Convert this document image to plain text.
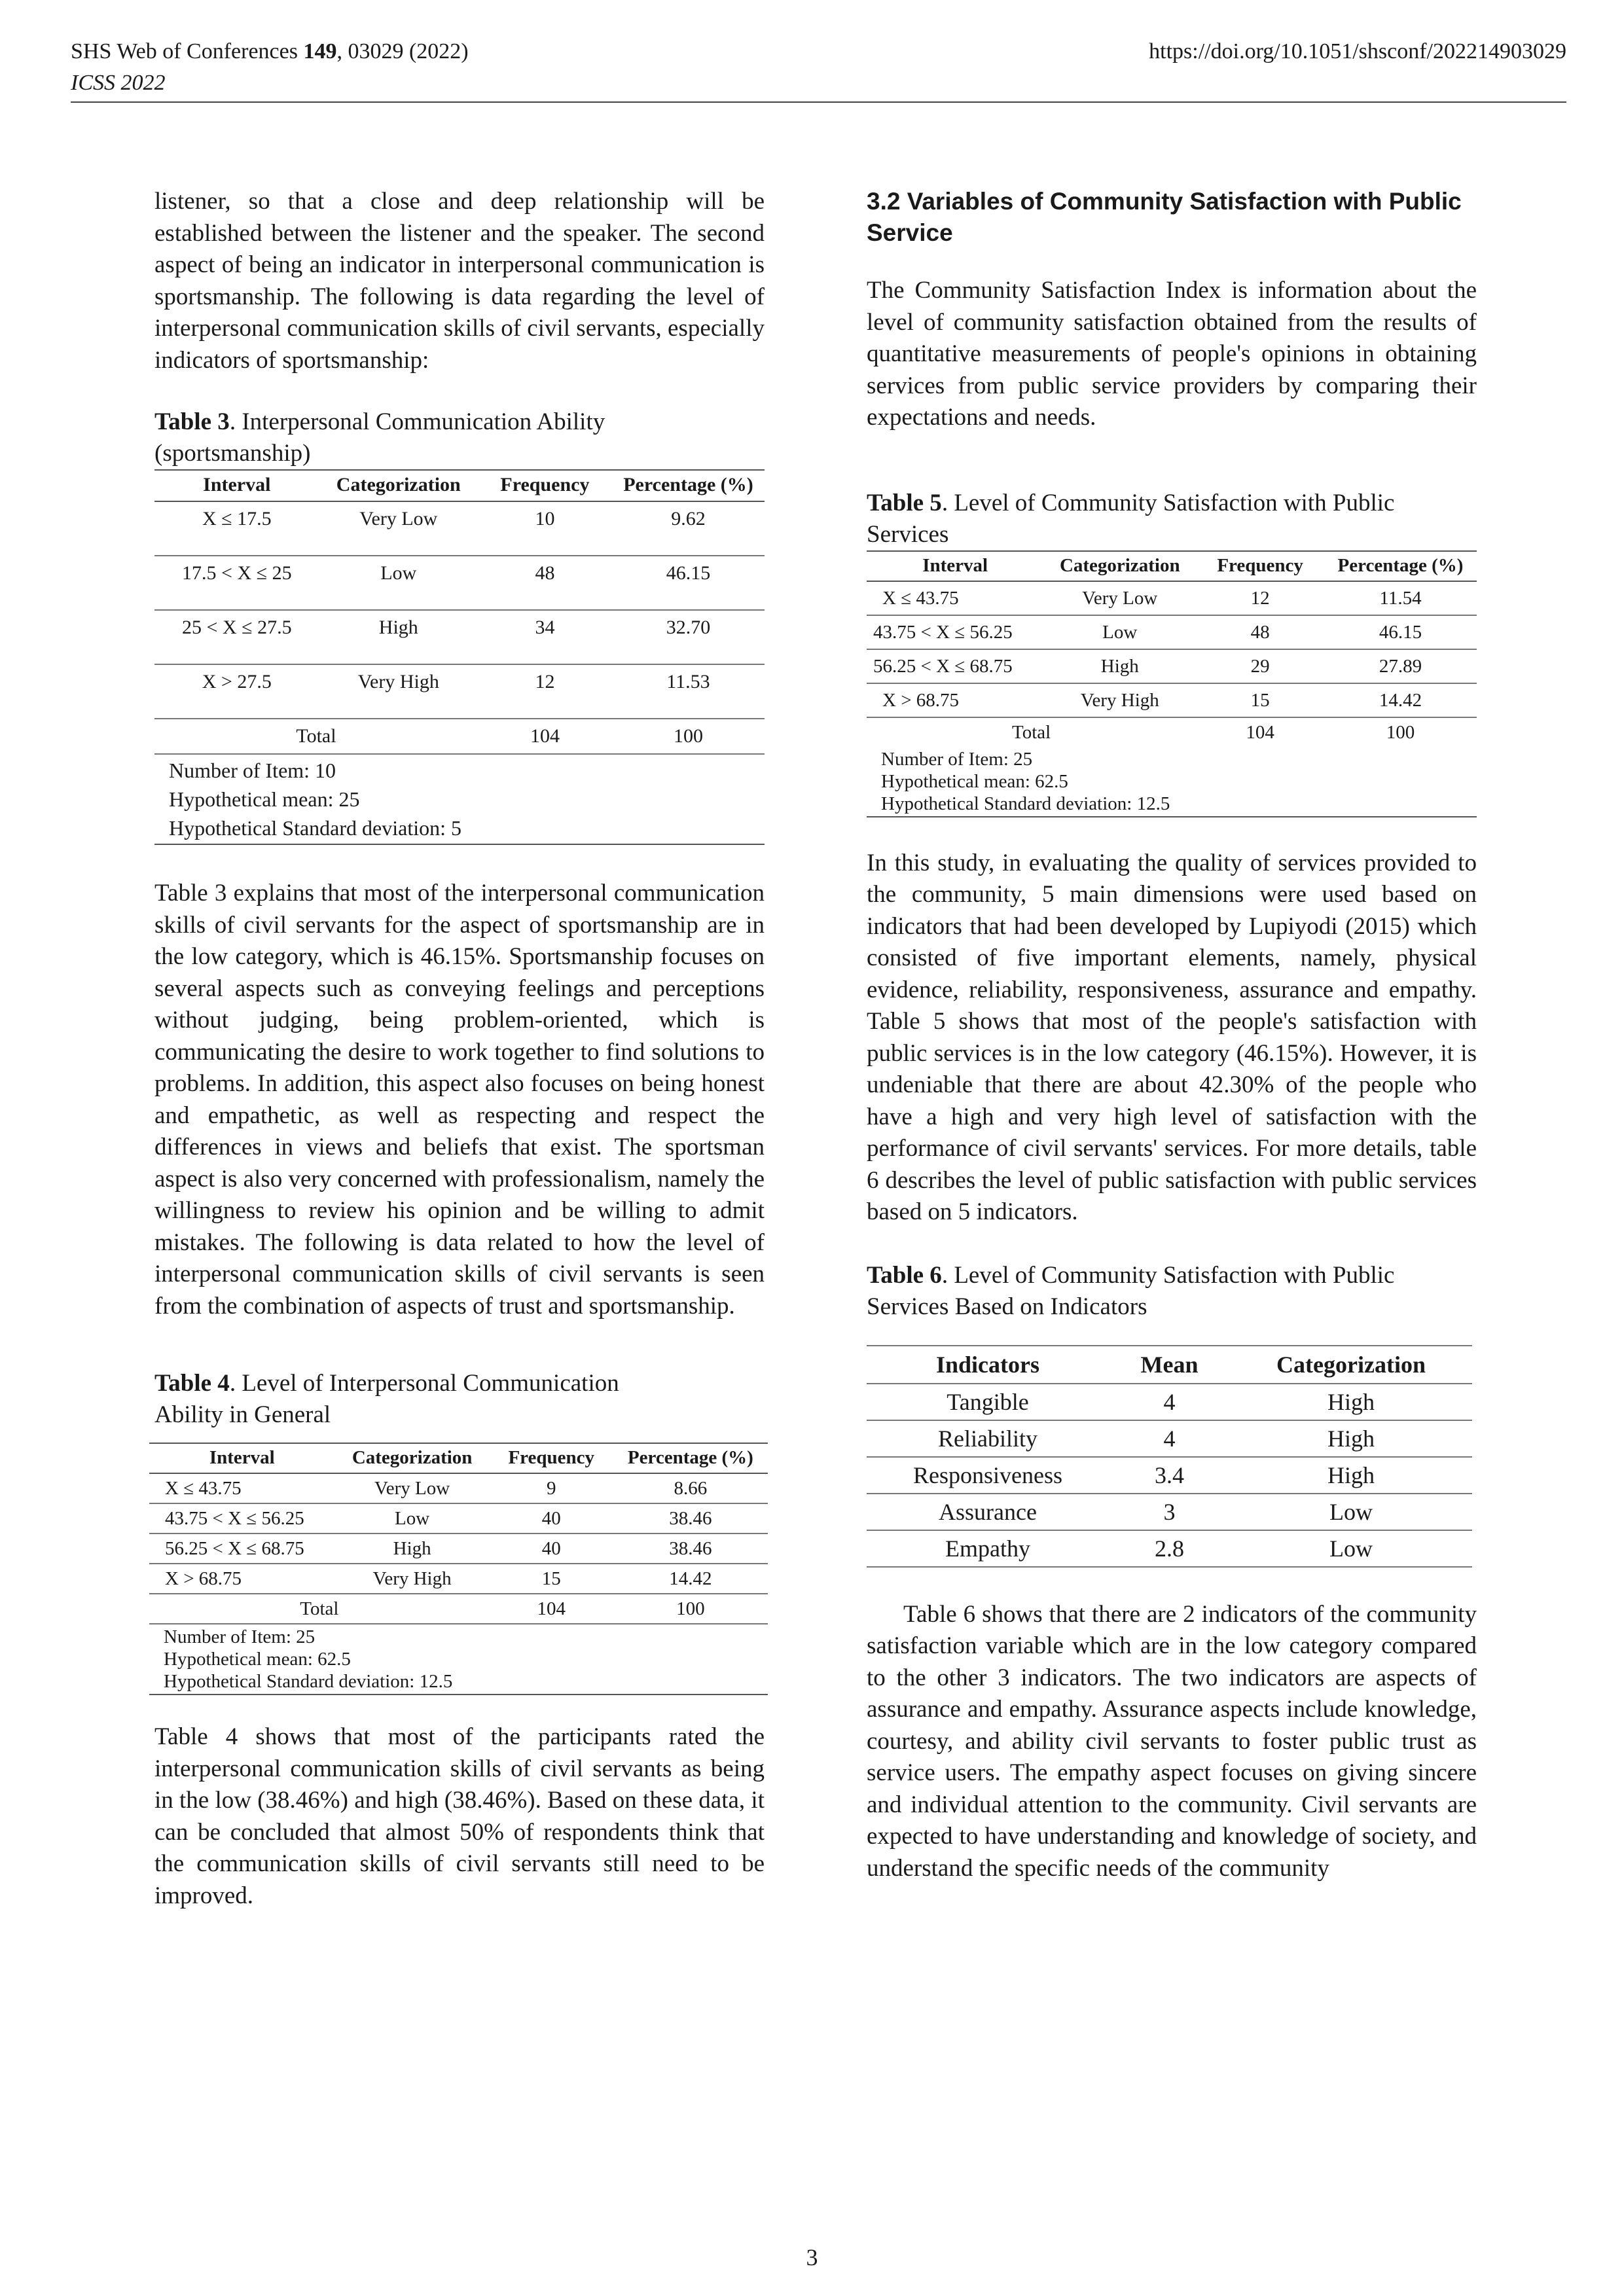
SHS Web of Conferences 149, 03029 (2022)
ICSS 2022
https://doi.org/10.1051/shsconf/202214903029

listener, so that a close and deep relationship will be established between the listener and the speaker. The second aspect of being an indicator in interpersonal communication is sportsmanship. The following is data regarding the level of interpersonal communication skills of civil servants, especially indicators of sportsmanship:

Table 3. Interpersonal Communication Ability (sportsmanship)

Interval	Categorization	Frequency	Percentage (%)
X ≤ 17.5	Very Low	10	9.62
17.5 < X ≤ 25	Low	48	46.15
25 < X ≤ 27.5	High	34	32.70
X > 27.5	Very High	12	11.53
Total		104	100

Number of Item: 10
Hypothetical mean: 25
Hypothetical Standard deviation: 5			

Table 3 explains that most of the interpersonal communication skills of civil servants for the aspect of sportsmanship are in the low category, which is 46.15%. Sportsmanship focuses on several aspects such as conveying feelings and perceptions without judging, being problem-oriented, which is communicating the desire to work together to find solutions to problems. In addition, this aspect also focuses on being honest and empathetic, as well as respecting and respect the differences in views and beliefs that exist. The sportsman aspect is also very concerned with professionalism, namely the willingness to review his opinion and be willing to admit mistakes. The following is data related to how the level of interpersonal communication skills of civil servants is seen from the combination of aspects of trust and sportsmanship.

Table 4. Level of Interpersonal Communication Ability in General

Interval	Categorization	Frequency	Percentage (%)
X ≤ 43.75	Very Low	9	8.66
43.75 < X ≤ 56.25	Low	40	38.46
56.25 < X ≤ 68.75	High	40	38.46
X > 68.75	Very High	15	14.42
Total		104	100

Number of Item: 25
Hypothetical mean: 62.5
Hypothetical Standard deviation: 12.5			

Table 4 shows that most of the participants rated the interpersonal communication skills of civil servants as being in the low (38.46%) and high (38.46%). Based on these data, it can be concluded that almost 50% of respondents think that the communication skills of civil servants still need to be improved.

3.2 Variables of Community Satisfaction with Public Service

The Community Satisfaction Index is information about the level of community satisfaction obtained from the results of quantitative measurements of people's opinions in obtaining services from public service providers by comparing their expectations and needs.

Table 5. Level of Community Satisfaction with Public Services

Interval	Categorization	Frequency	Percentage (%)
X ≤ 43.75	Very Low	12	11.54
43.75 < X ≤ 56.25	Low	48	46.15
56.25 < X ≤ 68.75	High	29	27.89
X > 68.75	Very High	15	14.42
Total		104	100

Number of Item: 25
Hypothetical mean: 62.5
Hypothetical Standard deviation: 12.5			

In this study, in evaluating the quality of services provided to the community, 5 main dimensions were used based on indicators that had been developed by Lupiyodi (2015) which consisted of five important elements, namely, physical evidence, reliability, responsiveness, assurance and empathy. Table 5 shows that most of the people's satisfaction with public services is in the low category (46.15%). However, it is undeniable that there are about 42.30% of the people who have a high and very high level of satisfaction with the performance of civil servants' services. For more details, table 6 describes the level of public satisfaction with public services based on 5 indicators.

Table 6. Level of Community Satisfaction with Public Services Based on Indicators

Indicators	Mean	Categorization
Tangible	4	High
Reliability	4	High
Responsiveness	3.4	High
Assurance	3	Low
Empathy	2.8	Low

Table 6 shows that there are 2 indicators of the community satisfaction variable which are in the low category compared to the other 3 indicators. The two indicators are aspects of assurance and empathy. Assurance aspects include knowledge, courtesy, and ability civil servants to foster public trust as service users. The empathy aspect focuses on giving sincere and individual attention to the community. Civil servants are expected to have understanding and knowledge of society, and understand the specific needs of the community

3
